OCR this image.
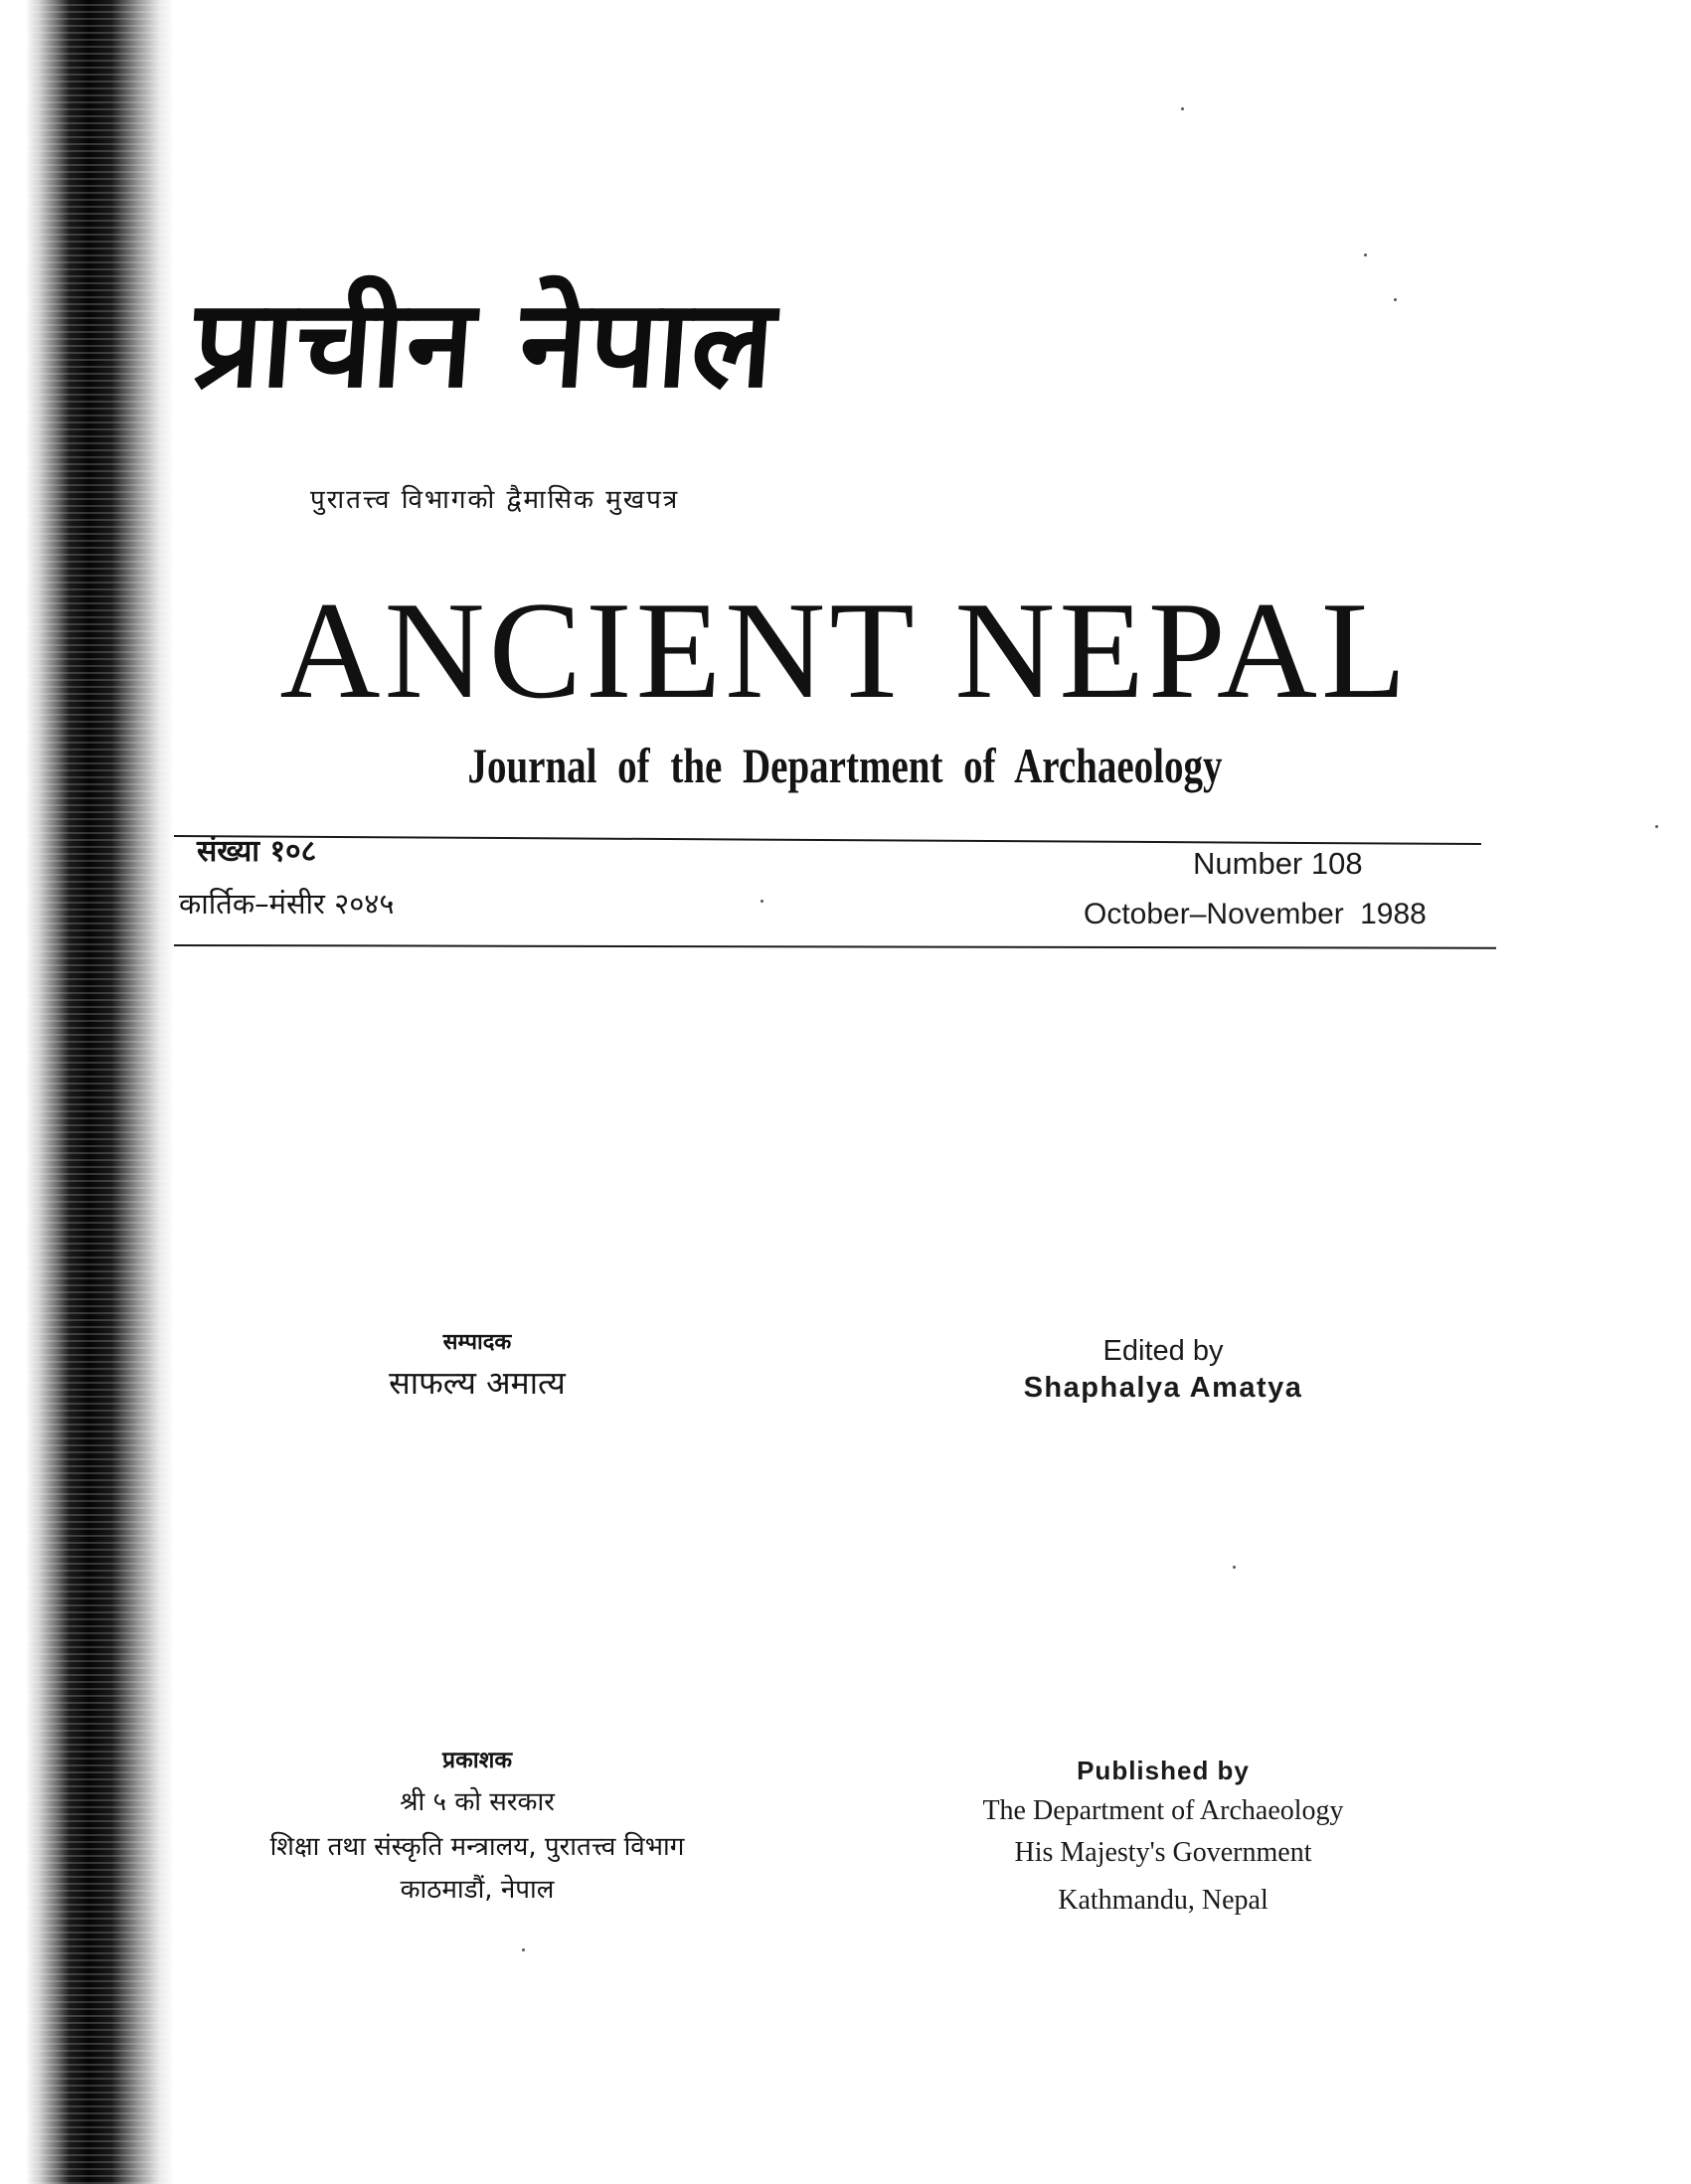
प्राचीन नेपाल
पुरातत्त्व विभागको द्वैमासिक मुखपत्र
ANCIENT NEPAL
Journal of the Department of Archaeology
संख्या १०८
कार्तिक–मंसीर २०४५
Number 108
October–November 1988
सम्पादक
साफल्य अमात्य
Edited by
Shaphalya Amatya
प्रकाशक
श्री ५ को सरकार
शिक्षा तथा संस्कृति मन्त्रालय, पुरातत्त्व विभाग
काठमाडौं, नेपाल
Published by
The Department of Archaeology
His Majesty's Government
Kathmandu, Nepal
